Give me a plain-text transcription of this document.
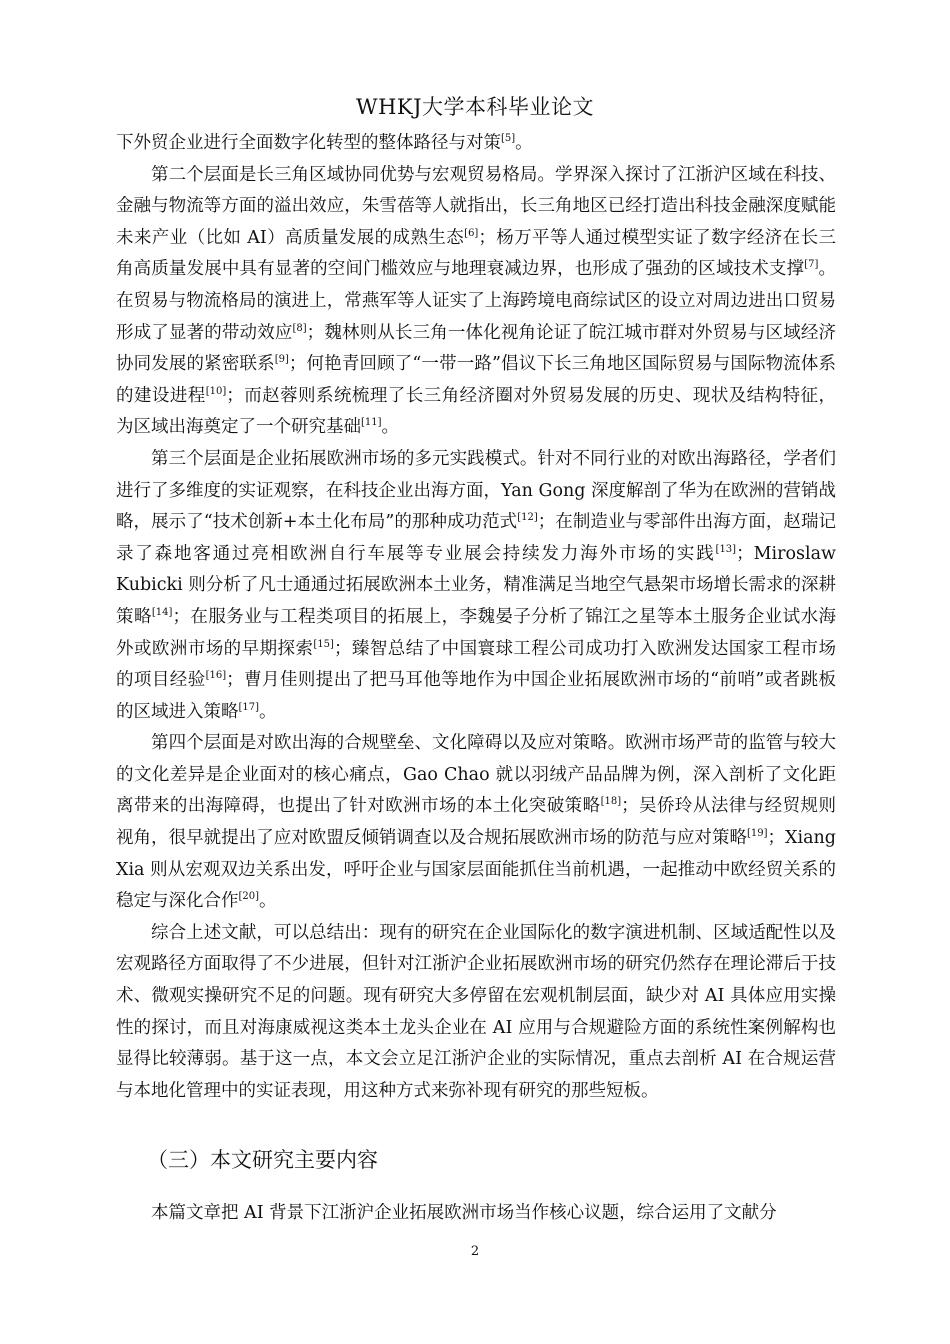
WHKJ大学本科毕业论文

下外贸企业进行全面数字化转型的整体路径与对策[5]。

第二个层面是长三角区域协同优势与宏观贸易格局。学界深入探讨了江浙沪区域在科技、金融与物流等方面的溢出效应，朱雪蓓等人就指出，长三角地区已经打造出科技金融深度赋能未来产业（比如 AI）高质量发展的成熟生态[6]；杨万平等人通过模型实证了数字经济在长三角高质量发展中具有显著的空间门槛效应与地理衰减边界，也形成了强劲的区域技术支撑[7]。在贸易与物流格局的演进上，常燕军等人证实了上海跨境电商综试区的设立对周边进出口贸易形成了显著的带动效应[8]；魏林则从长三角一体化视角论证了皖江城市群对外贸易与区域经济协同发展的紧密联系[9]；何艳青回顾了“一带一路”倡议下长三角地区国际贸易与国际物流体系的建设进程[10]；而赵蓉则系统梳理了长三角经济圈对外贸易发展的历史、现状及结构特征，为区域出海奠定了一个研究基础[11]。

第三个层面是企业拓展欧洲市场的多元实践模式。针对不同行业的对欧出海路径，学者们进行了多维度的实证观察，在科技企业出海方面，Yan Gong 深度解剖了华为在欧洲的营销战略，展示了“技术创新+本土化布局”的那种成功范式[12]；在制造业与零部件出海方面，赵瑞记录了森地客通过亮相欧洲自行车展等专业展会持续发力海外市场的实践[13]；Miroslaw Kubicki 则分析了凡士通通过拓展欧洲本土业务，精准满足当地空气悬架市场增长需求的深耕策略[14]；在服务业与工程类项目的拓展上，李魏晏子分析了锦江之星等本土服务企业试水海外或欧洲市场的早期探索[15]；臻智总结了中国寰球工程公司成功打入欧洲发达国家工程市场的项目经验[16]；曹月佳则提出了把马耳他等地作为中国企业拓展欧洲市场的“前哨”或者跳板的区域进入策略[17]。

第四个层面是对欧出海的合规壁垒、文化障碍以及应对策略。欧洲市场严苛的监管与较大的文化差异是企业面对的核心痛点，Gao Chao 就以羽绒产品品牌为例，深入剖析了文化距离带来的出海障碍，也提出了针对欧洲市场的本土化突破策略[18]；吴侨玲从法律与经贸规则视角，很早就提出了应对欧盟反倾销调查以及合规拓展欧洲市场的防范与应对策略[19]；Xiang Xia 则从宏观双边关系出发，呼吁企业与国家层面能抓住当前机遇，一起推动中欧经贸关系的稳定与深化合作[20]。

综合上述文献，可以总结出：现有的研究在企业国际化的数字演进机制、区域适配性以及宏观路径方面取得了不少进展，但针对江浙沪企业拓展欧洲市场的研究仍然存在理论滞后于技术、微观实操研究不足的问题。现有研究大多停留在宏观机制层面，缺少对 AI 具体应用实操性的探讨，而且对海康威视这类本土龙头企业在 AI 应用与合规避险方面的系统性案例解构也显得比较薄弱。基于这一点，本文会立足江浙沪企业的实际情况，重点去剖析 AI 在合规运营与本地化管理中的实证表现，用这种方式来弥补现有研究的那些短板。

（三）本文研究主要内容
本篇文章把 AI 背景下江浙沪企业拓展欧洲市场当作核心议题，综合运用了文献分
2
